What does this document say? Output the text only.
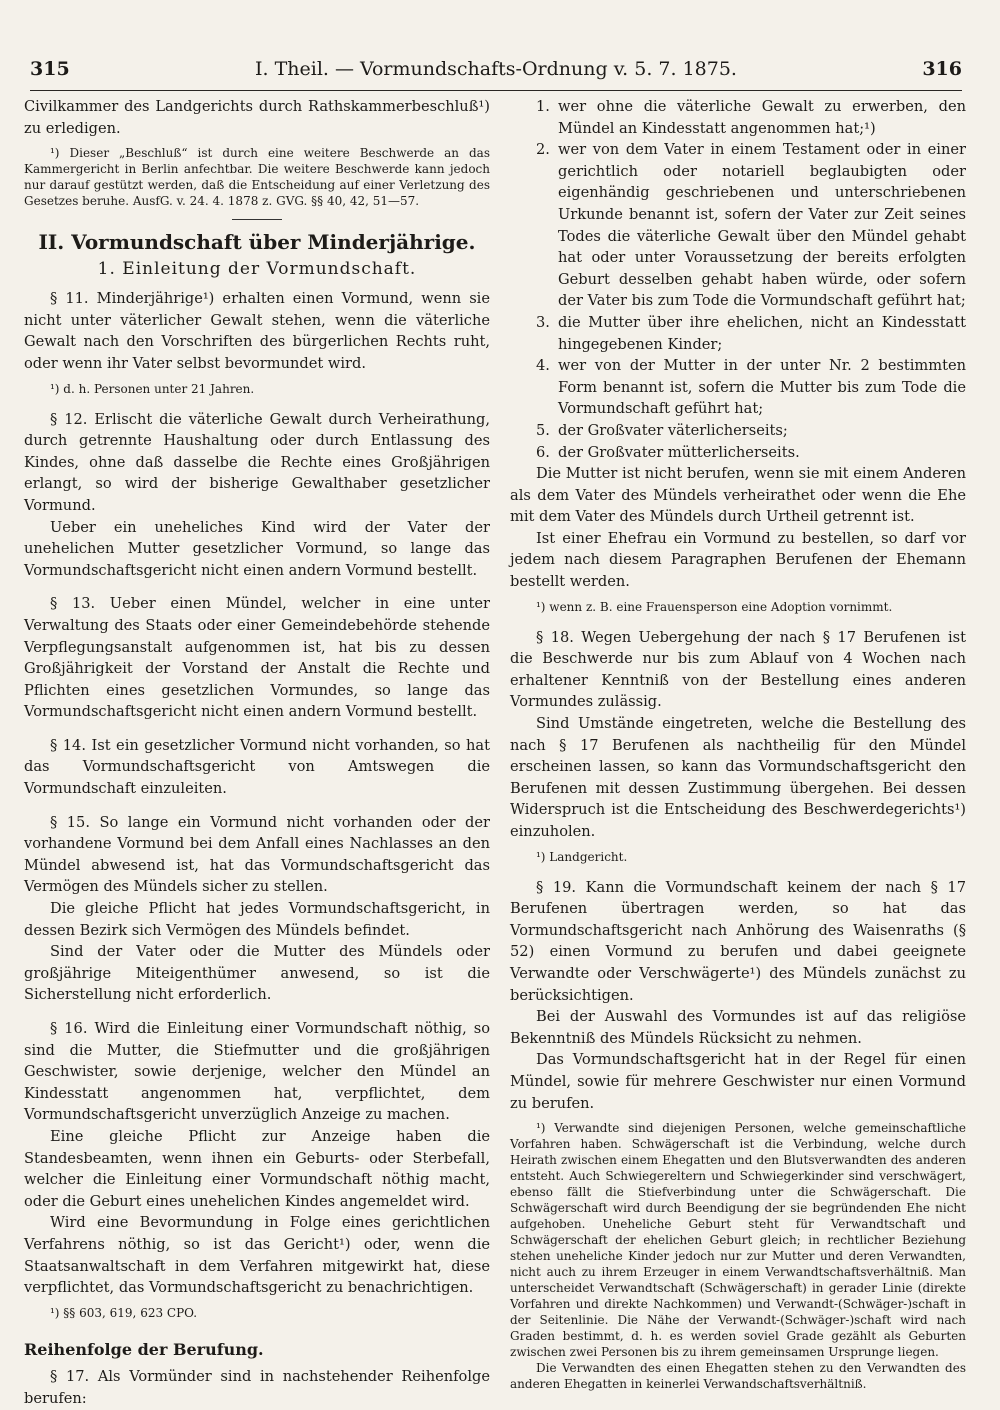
315	I. Theil. — Vormundschafts-Ordnung v. 5. 7. 1875.	316

Civilkammer des Landgerichts durch Rathskammerbeschluß¹) zu erledigen.

¹) Dieser „Beschluß“ ist durch eine weitere Beschwerde an das Kammergericht in Berlin anfechtbar. Die weitere Beschwerde kann jedoch nur darauf gestützt werden, daß die Entscheidung auf einer Verletzung des Gesetzes beruhe. AusfG. v. 24. 4. 1878 z. GVG. §§ 40, 42, 51—57.

II. Vormundschaft über Minderjährige.

1. Einleitung der Vormundschaft.

§ 11. Minderjährige¹) erhalten einen Vormund, wenn sie nicht unter väterlicher Gewalt stehen, wenn die väterliche Gewalt nach den Vorschriften des bürgerlichen Rechts ruht, oder wenn ihr Vater selbst bevormundet wird.

¹) d. h. Personen unter 21 Jahren.

§ 12. Erlischt die väterliche Gewalt durch Verheirathung, durch getrennte Haushaltung oder durch Entlassung des Kindes, ohne daß dasselbe die Rechte eines Großjährigen erlangt, so wird der bisherige Gewalthaber gesetzlicher Vormund.

Ueber ein uneheliches Kind wird der Vater der unehelichen Mutter gesetzlicher Vormund, so lange das Vormundschaftsgericht nicht einen andern Vormund bestellt.

§ 13. Ueber einen Mündel, welcher in eine unter Verwaltung des Staats oder einer Gemeindebehörde stehende Verpflegungsanstalt aufgenommen ist, hat bis zu dessen Großjährigkeit der Vorstand der Anstalt die Rechte und Pflichten eines gesetzlichen Vormundes, so lange das Vormundschaftsgericht nicht einen andern Vormund bestellt.

§ 14. Ist ein gesetzlicher Vormund nicht vorhanden, so hat das Vormundschaftsgericht von Amtswegen die Vormundschaft einzuleiten.

§ 15. So lange ein Vormund nicht vorhanden oder der vorhandene Vormund bei dem Anfall eines Nachlasses an den Mündel abwesend ist, hat das Vormundschaftsgericht das Vermögen des Mündels sicher zu stellen.

Die gleiche Pflicht hat jedes Vormundschaftsgericht, in dessen Bezirk sich Vermögen des Mündels befindet.

Sind der Vater oder die Mutter des Mündels oder großjährige Miteigenthümer anwesend, so ist die Sicherstellung nicht erforderlich.

§ 16. Wird die Einleitung einer Vormundschaft nöthig, so sind die Mutter, die Stiefmutter und die großjährigen Geschwister, sowie derjenige, welcher den Mündel an Kindesstatt angenommen hat, verpflichtet, dem Vormundschaftsgericht unverzüglich Anzeige zu machen.

Eine gleiche Pflicht zur Anzeige haben die Standesbeamten, wenn ihnen ein Geburts- oder Sterbefall, welcher die Einleitung einer Vormundschaft nöthig macht, oder die Geburt eines unehelichen Kindes angemeldet wird.

Wird eine Bevormundung in Folge eines gerichtlichen Verfahrens nöthig, so ist das Gericht¹) oder, wenn die Staatsanwaltschaft in dem Verfahren mitgewirkt hat, diese verpflichtet, das Vormundschaftsgericht zu benachrichtigen.

¹) §§ 603, 619, 623 CPO.

Reihenfolge der Berufung.

§ 17. Als Vormünder sind in nachstehender Reihenfolge berufen:

1. wer ohne die väterliche Gewalt zu erwerben, den Mündel an Kindesstatt angenommen hat;¹)
2. wer von dem Vater in einem Testament oder in einer gerichtlich oder notariell beglaubigten oder eigenhändig geschriebenen und unterschriebenen Urkunde benannt ist, sofern der Vater zur Zeit seines Todes die väterliche Gewalt über den Mündel gehabt hat oder unter Voraussetzung der bereits erfolgten Geburt desselben gehabt haben würde, oder sofern der Vater bis zum Tode die Vormundschaft geführt hat;
3. die Mutter über ihre ehelichen, nicht an Kindesstatt hingegebenen Kinder;
4. wer von der Mutter in der unter Nr. 2 bestimmten Form benannt ist, sofern die Mutter bis zum Tode die Vormundschaft geführt hat;
5. der Großvater väterlicherseits;
6. der Großvater mütterlicherseits.

Die Mutter ist nicht berufen, wenn sie mit einem Anderen als dem Vater des Mündels verheirathet oder wenn die Ehe mit dem Vater des Mündels durch Urtheil getrennt ist.

Ist einer Ehefrau ein Vormund zu bestellen, so darf vor jedem nach diesem Paragraphen Berufenen der Ehemann bestellt werden.

¹) wenn z. B. eine Frauensperson eine Adoption vornimmt.

§ 18. Wegen Uebergehung der nach § 17 Berufenen ist die Beschwerde nur bis zum Ablauf von 4 Wochen nach erhaltener Kenntniß von der Bestellung eines anderen Vormundes zulässig.

Sind Umstände eingetreten, welche die Bestellung des nach § 17 Berufenen als nachtheilig für den Mündel erscheinen lassen, so kann das Vormundschaftsgericht den Berufenen mit dessen Zustimmung übergehen. Bei dessen Widerspruch ist die Entscheidung des Beschwerdegerichts¹) einzuholen.

¹) Landgericht.

§ 19. Kann die Vormundschaft keinem der nach § 17 Berufenen übertragen werden, so hat das Vormundschaftsgericht nach Anhörung des Waisenraths (§ 52) einen Vormund zu berufen und dabei geeignete Verwandte oder Verschwägerte¹) des Mündels zunächst zu berücksichtigen.

Bei der Auswahl des Vormundes ist auf das religiöse Bekenntniß des Mündels Rücksicht zu nehmen.

Das Vormundschaftsgericht hat in der Regel für einen Mündel, sowie für mehrere Geschwister nur einen Vormund zu berufen.

¹) Verwandte sind diejenigen Personen, welche gemeinschaftliche Vorfahren haben. Schwägerschaft ist die Verbindung, welche durch Heirath zwischen einem Ehegatten und den Blutsverwandten des anderen entsteht. Auch Schwiegereltern und Schwiegerkinder sind verschwägert, ebenso fällt die Stiefverbindung unter die Schwägerschaft. Die Schwägerschaft wird durch Beendigung der sie begründenden Ehe nicht aufgehoben. Uneheliche Geburt steht für Verwandtschaft und Schwägerschaft der ehelichen Geburt gleich; in rechtlicher Beziehung stehen uneheliche Kinder jedoch nur zur Mutter und deren Verwandten, nicht auch zu ihrem Erzeuger in einem Verwandtschaftsverhältniß. Man unterscheidet Verwandtschaft (Schwägerschaft) in gerader Linie (direkte Vorfahren und direkte Nachkommen) und Verwandt-(Schwäger-)schaft in der Seitenlinie. Die Nähe der Verwandt-(Schwäger-)schaft wird nach Graden bestimmt, d. h. es werden soviel Grade gezählt als Geburten zwischen zwei Personen bis zu ihrem gemeinsamen Ursprunge liegen.

Die Verwandten des einen Ehegatten stehen zu den Verwandten des anderen Ehegatten in keinerlei Verwandschaftsverhältniß.
